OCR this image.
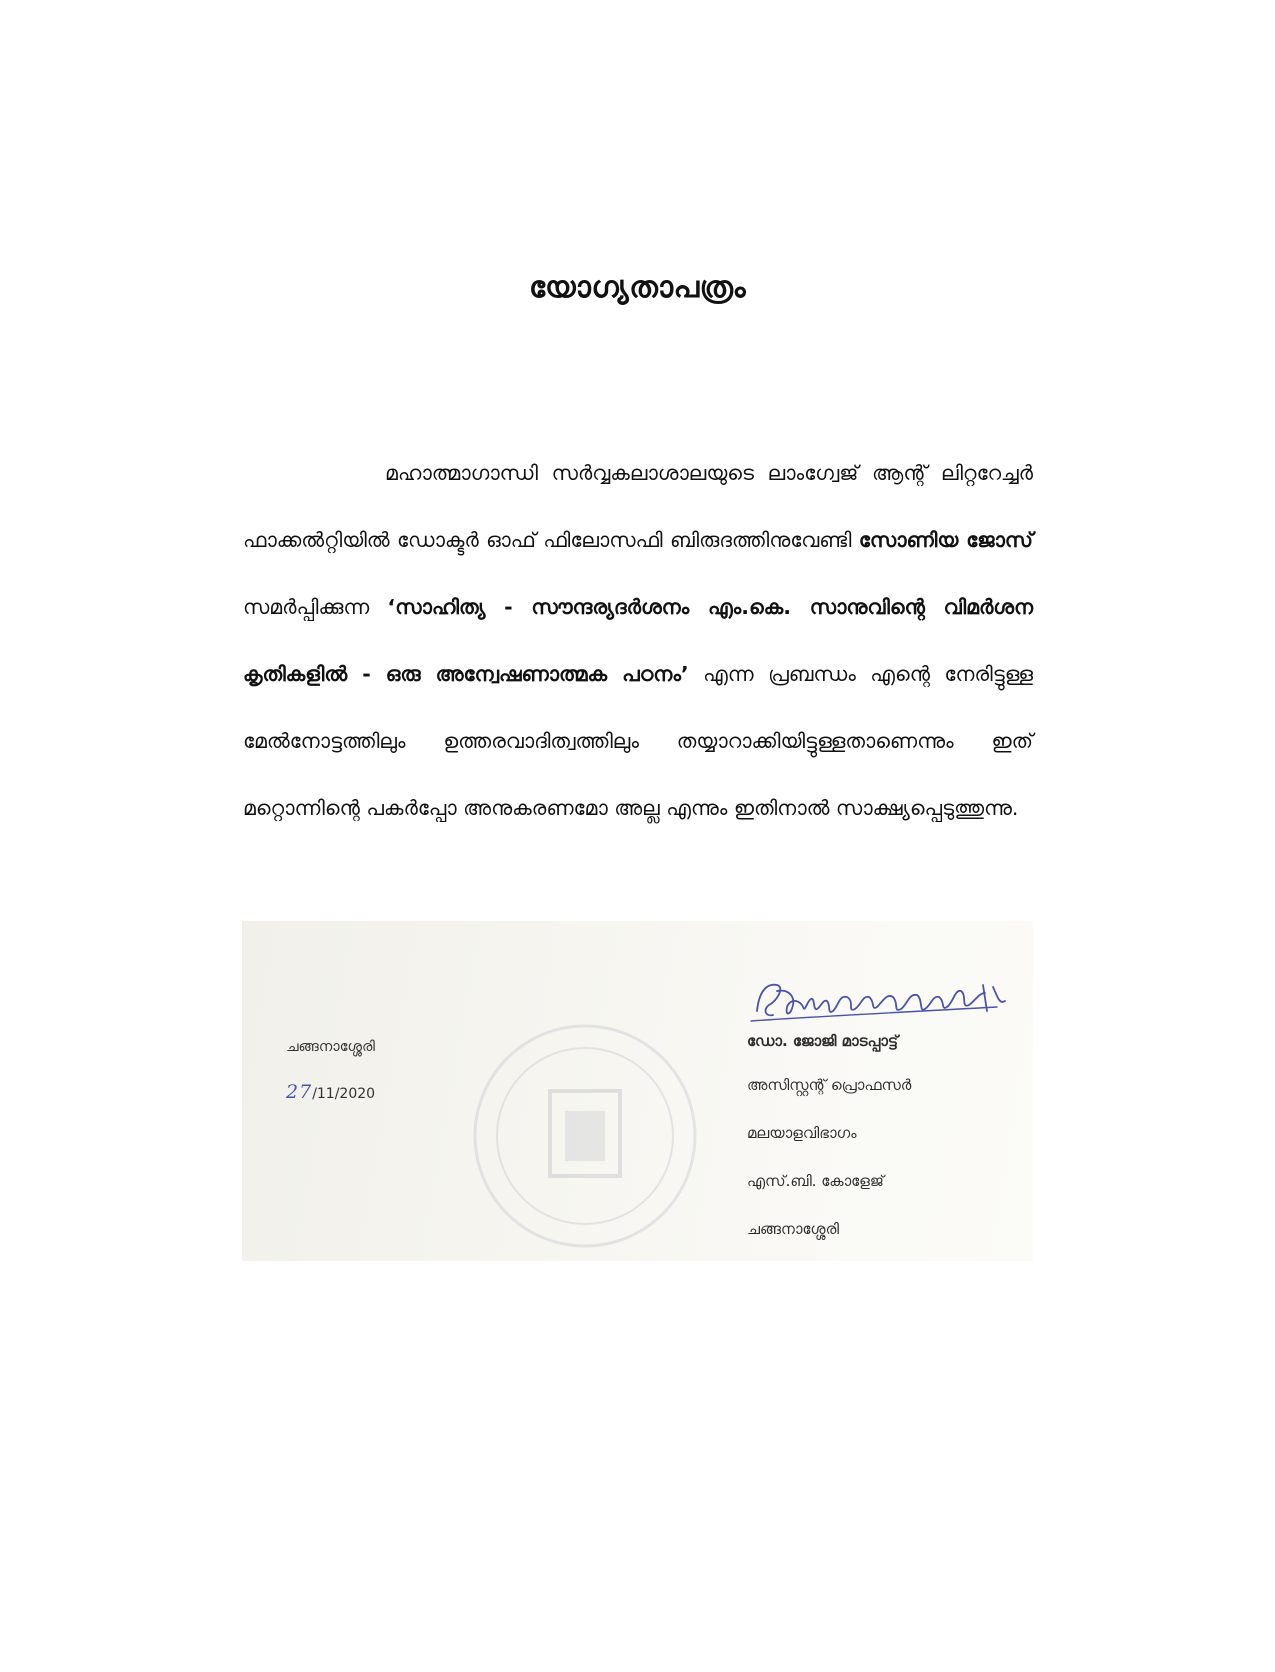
യോഗ്യതാപത്രം
മഹാത്മാഗാന്ധി സർവ്വകലാശാലയുടെ ലാംഗ്വേജ് ആന്റ് ലിറ്ററേച്ചർ ഫാക്കൽറ്റിയിൽ ഡോക്ടർ ഓഫ് ഫിലോസഫി ബിരുദത്തിനുവേണ്ടി സോണിയ ജോസ് സമർപ്പിക്കുന്ന ‘സാഹിത്യ - സൗന്ദര്യദർശനം എം.കെ. സാനുവിന്റെ വിമർശന കൃതികളിൽ - ഒരു അന്വേഷണാത്മക പഠനം’ എന്ന പ്രബന്ധം എന്റെ നേരിട്ടുള്ള മേൽനോട്ടത്തിലും ഉത്തരവാദിത്വത്തിലും തയ്യാറാക്കിയിട്ടുള്ളതാണെന്നും ഇത് മറ്റൊന്നിന്റെ പകർപ്പോ അനുകരണമോ അല്ല എന്നും ഇതിനാൽ സാക്ഷ്യപ്പെടുത്തുന്നു.
ചങ്ങനാശ്ശേരി
27/11/2020
ഡോ. ജോജി മാടപ്പാട്ട്
അസിസ്റ്റന്റ് പ്രൊഫസർ
മലയാളവിഭാഗം
എസ്.ബി. കോളേജ്
ചങ്ങനാശ്ശേരി
